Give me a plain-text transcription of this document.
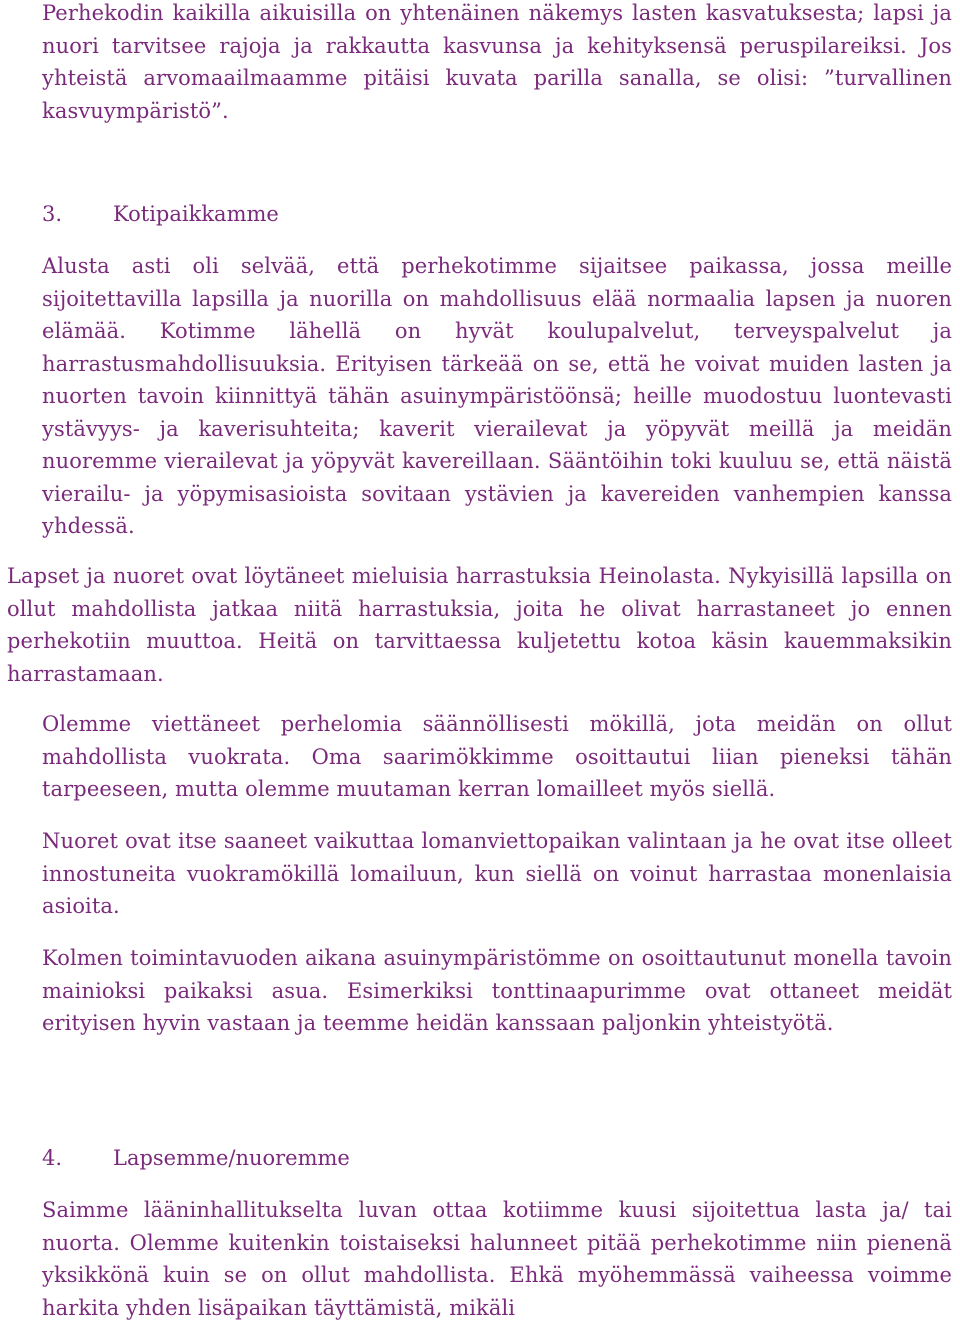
Perhekodin kaikilla aikuisilla on yhtenäinen näkemys lasten kasvatuksesta; lapsi ja nuori tarvitsee rajoja ja rakkautta kasvunsa ja kehityksensä peruspilareiksi. Jos yhteistä arvomaailmaamme pitäisi kuvata parilla sanalla, se olisi: ”turvallinen kasvuympäristö”.

3.	Kotipaikkamme

Alusta asti oli selvää, että perhekotimme sijaitsee paikassa, jossa meille sijoitettavilla lapsilla ja nuorilla on mahdollisuus elää normaalia lapsen ja nuoren elämää. Kotimme lähellä on hyvät koulupalvelut, terveyspalvelut ja harrastusmahdollisuuksia. Erityisen tärkeää on se, että he voivat muiden lasten ja nuorten tavoin kiinnittyä tähän asuinympäristöönsä; heille muodostuu luontevasti ystävyys- ja kaverisuhteita; kaverit vierailevat ja yöpyvät meillä ja meidän nuoremme vierailevat ja yöpyvät kavereillaan. Sääntöihin toki kuuluu se, että näistä vierailu- ja yöpymisasioista sovitaan ystävien ja kavereiden vanhempien kanssa yhdessä.

Lapset ja nuoret ovat löytäneet mieluisia harrastuksia Heinolasta. Nykyisillä lapsilla on ollut mahdollista jatkaa niitä harrastuksia, joita he olivat harrastaneet jo ennen perhekotiin muuttoa. Heitä on tarvittaessa kuljetettu kotoa käsin kauemmaksikin harrastamaan.

Olemme viettäneet perhelomia säännöllisesti mökillä, jota meidän on ollut mahdollista vuokrata. Oma saarimökkimme osoittautui liian pieneksi tähän tarpeeseen, mutta olemme muutaman kerran lomailleet myös siellä.

Nuoret ovat itse saaneet vaikuttaa lomanviettopaikan valintaan ja he ovat itse olleet innostuneita vuokramökillä lomailuun, kun siellä on voinut harrastaa monenlaisia asioita.

Kolmen toimintavuoden aikana asuinympäristömme on osoittautunut monella tavoin mainioksi paikaksi asua. Esimerkiksi tonttinaapurimme ovat ottaneet meidät erityisen hyvin vastaan ja teemme heidän kanssaan paljonkin yhteistyötä.

4.	Lapsemme/nuoremme

Saimme lääninhallitukselta luvan ottaa kotiimme kuusi sijoitettua lasta ja/ tai nuorta. Olemme kuitenkin toistaiseksi halunneet pitää perhekotimme niin pienenä yksikkönä kuin se on ollut mahdollista. Ehkä myöhemmässä vaiheessa voimme harkita yhden lisäpaikan täyttämistä, mikäli
